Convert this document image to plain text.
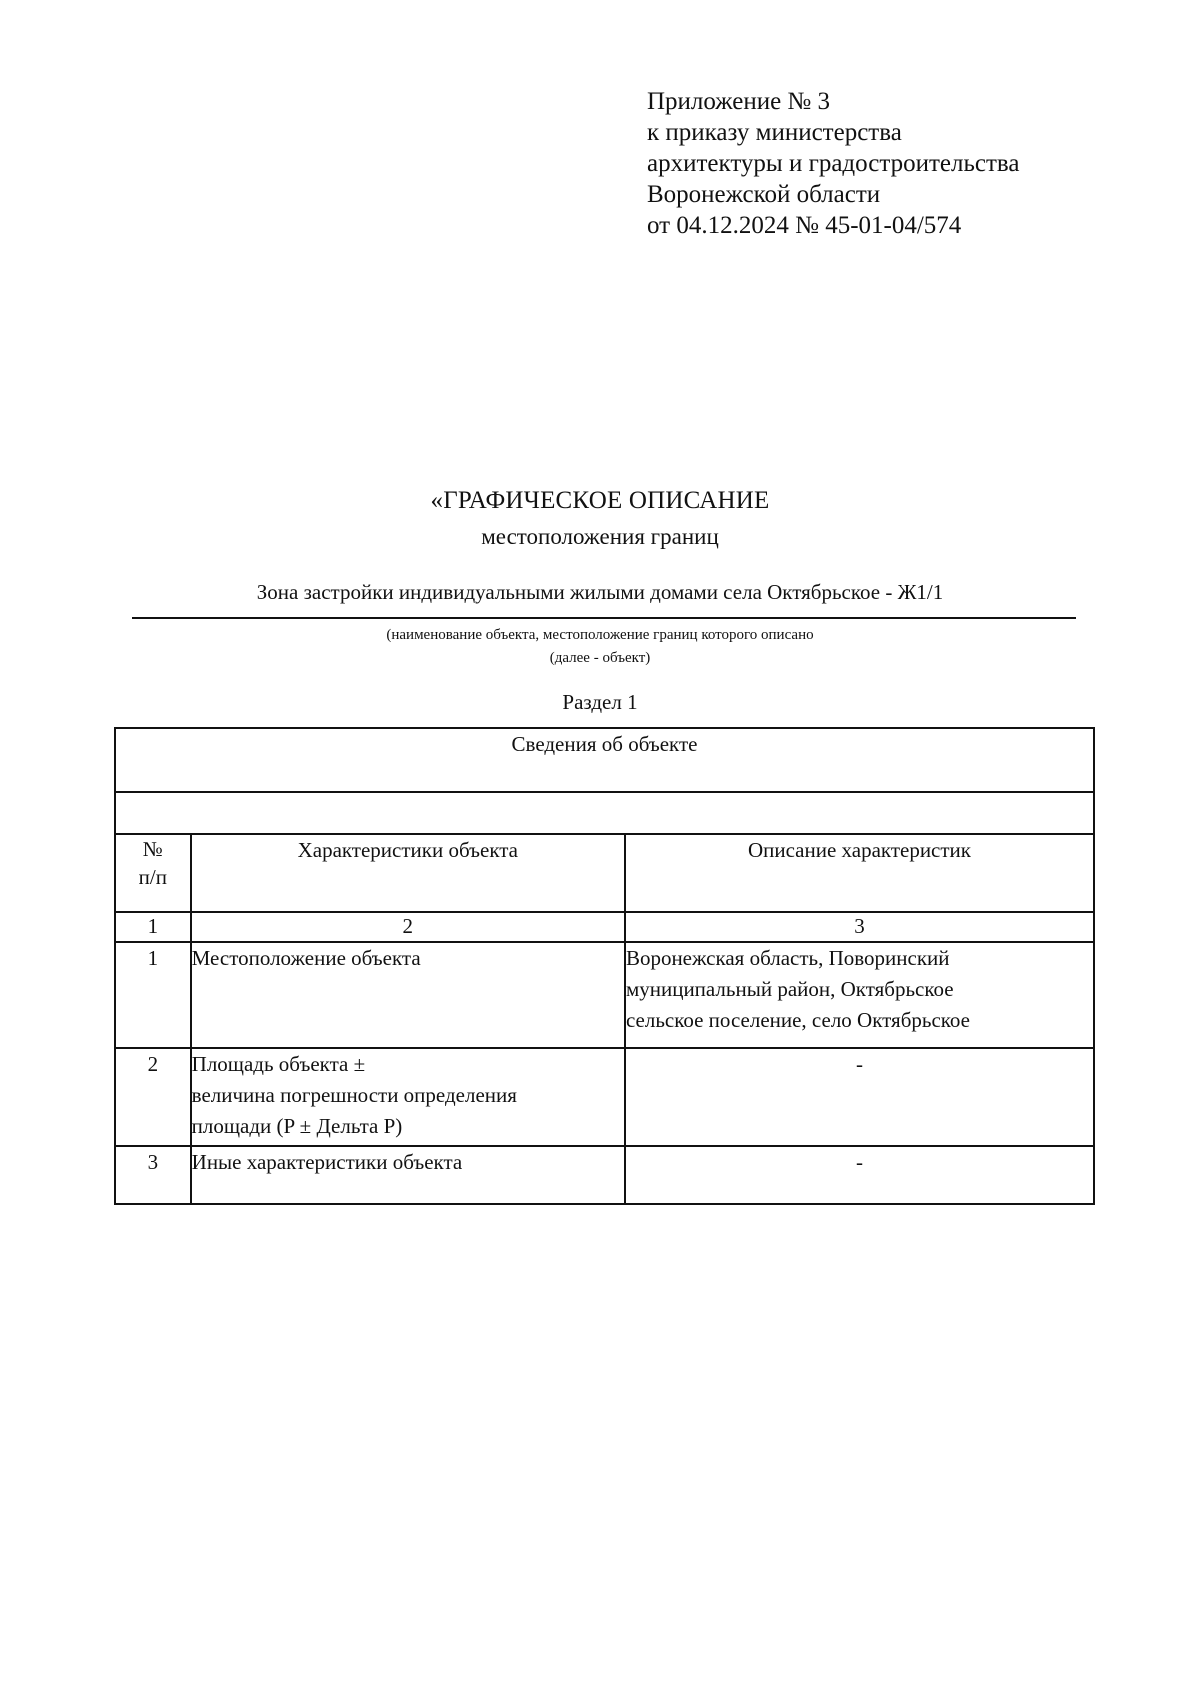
Приложение № 3
к приказу министерства
архитектуры и градостроительства
Воронежской области
от 04.12.2024 № 45-01-04/574
«ГРАФИЧЕСКОЕ ОПИСАНИЕ
местоположения границ
Зона застройки индивидуальными жилыми домами села Октябрьское - Ж1/1
(наименование объекта, местоположение границ которого описано
(далее - объект)
Раздел 1
Сведения об объекте		

№
п/п	Характеристики объекта	Описание характеристик
1	2	3
1	Местоположение объекта	Воронежская область, Поворинский
муниципальный район, Октябрьское
сельское поселение, село Октябрьское

2	Площадь объекта ±
величина погрешности определения
площади (P ± Дельта P)	-
3	Иные характеристики объекта	-
